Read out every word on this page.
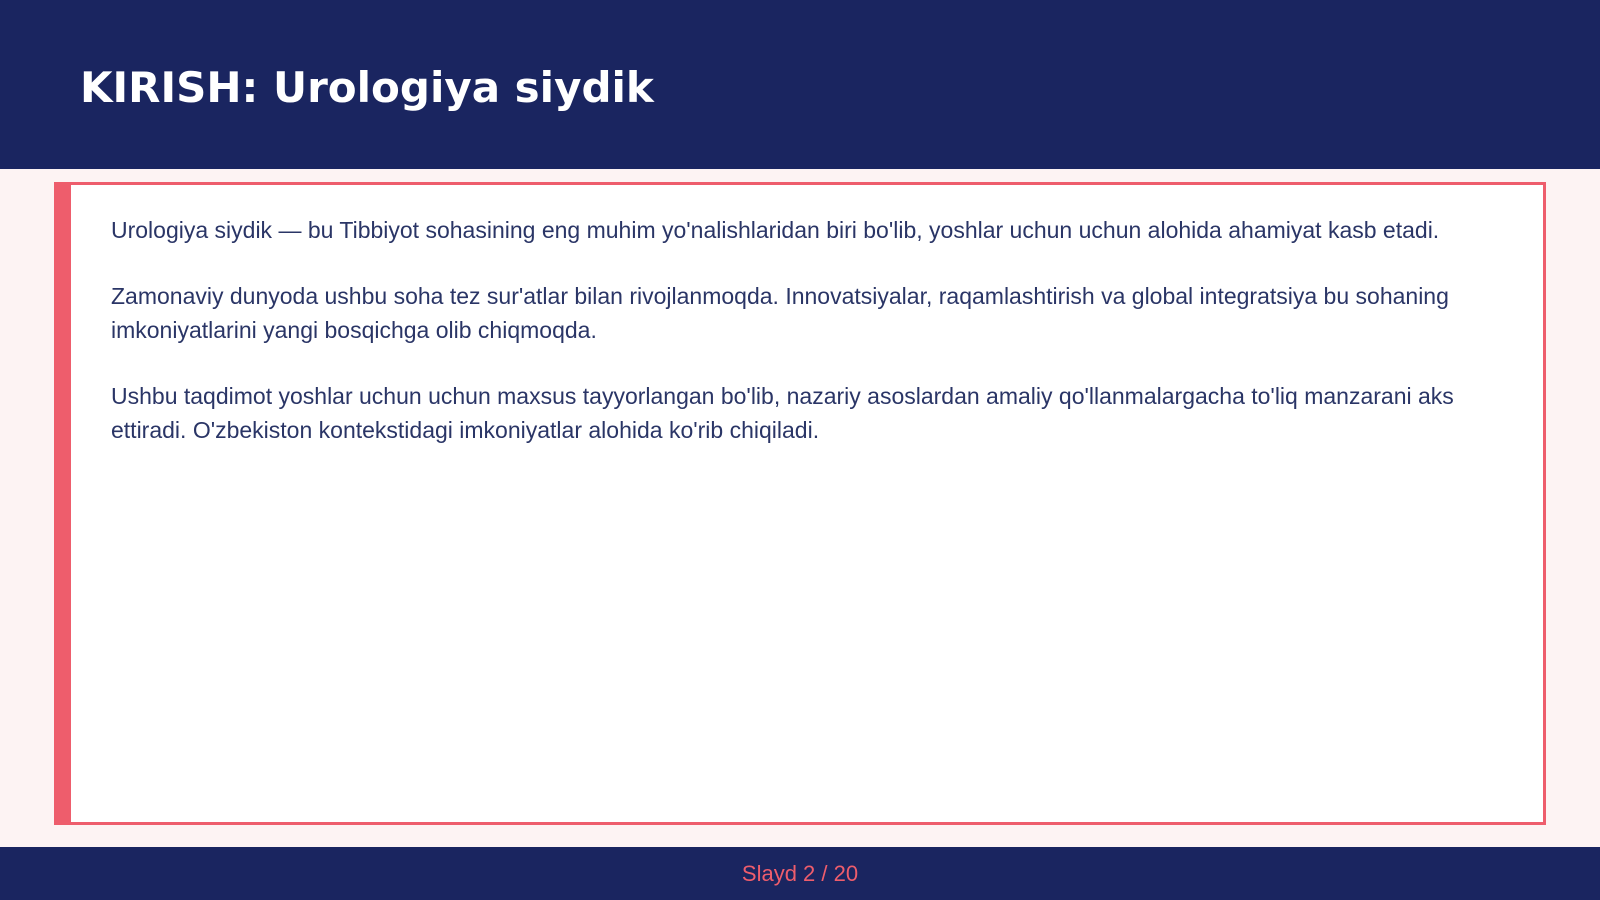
KIRISH: Urologiya siydik

Urologiya siydik — bu Tibbiyot sohasining eng muhim yo'nalishlaridan biri bo'lib, yoshlar uchun uchun alohida ahamiyat kasb etadi.

Zamonaviy dunyoda ushbu soha tez sur'atlar bilan rivojlanmoqda. Innovatsiyalar, raqamlashtirish va global integratsiya bu sohaning imkoniyatlarini yangi bosqichga olib chiqmoqda.

Ushbu taqdimot yoshlar uchun uchun maxsus tayyorlangan bo'lib, nazariy asoslardan amaliy qo'llanmalargacha to'liq manzarani aks ettiradi. O'zbekiston kontekstidagi imkoniyatlar alohida ko'rib chiqiladi.

Slayd 2 / 20
